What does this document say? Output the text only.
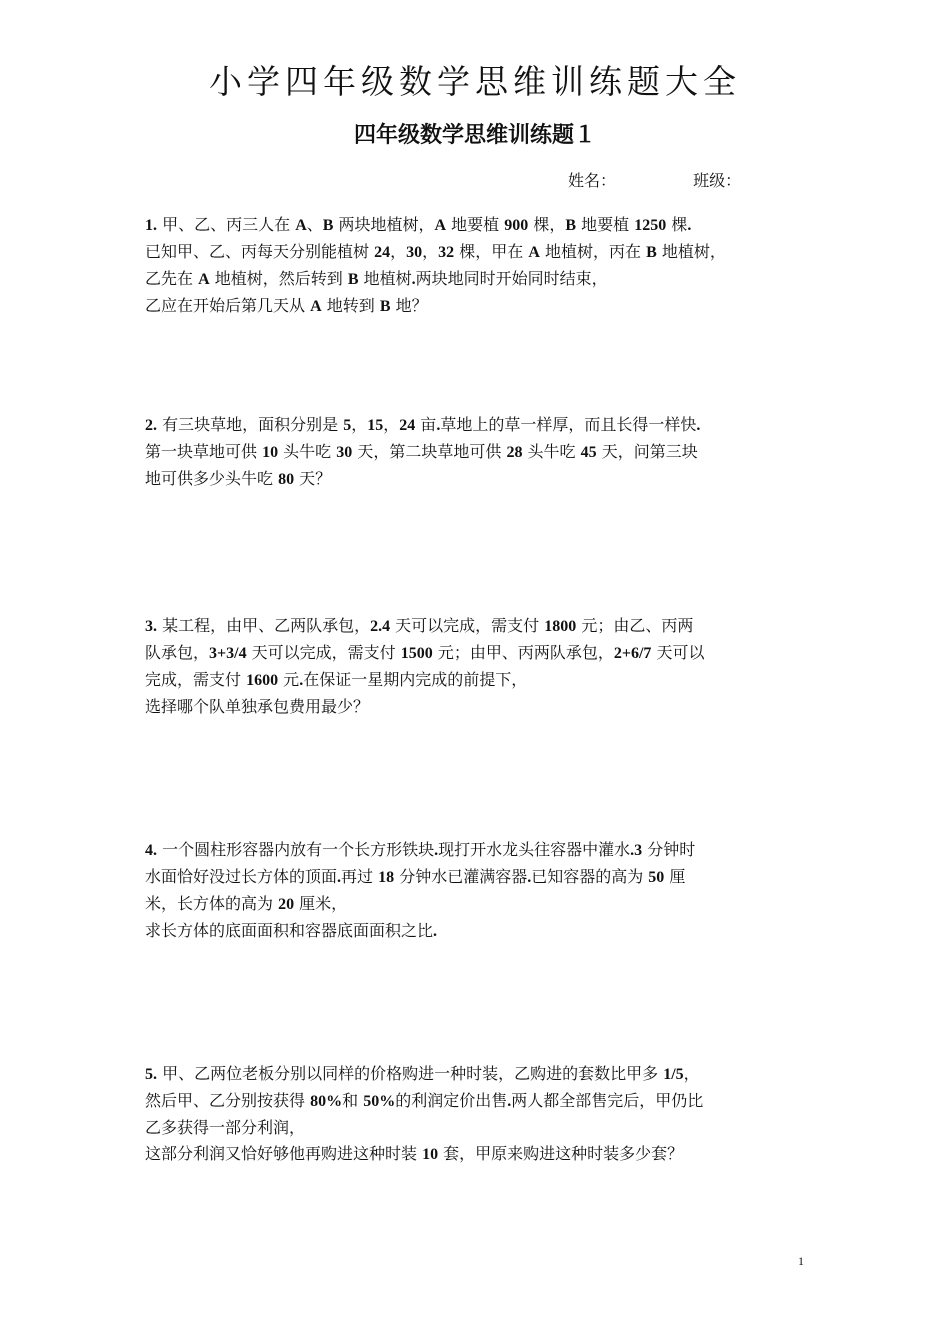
小学四年级数学思维训练题大全
四年级数学思维训练题１
姓名：	班级：

1. 甲、乙、丙三人在 A、B 两块地植树，A 地要植 900 棵，B 地要植 1250 棵.

已知甲、乙、丙每天分别能植树 24，30，32 棵，甲在 A 地植树，丙在 B 地植树，

乙先在 A 地植树，然后转到 B 地植树.两块地同时开始同时结束，

乙应在开始后第几天从 A 地转到 B 地？

2. 有三块草地，面积分别是 5，15，24 亩.草地上的草一样厚，而且长得一样快.

第一块草地可供 10 头牛吃 30 天，第二块草地可供 28 头牛吃 45 天，问第三块

地可供多少头牛吃 80 天？

3. 某工程，由甲、乙两队承包，2.4 天可以完成，需支付 1800 元；由乙、丙两

队承包，3+3/4 天可以完成，需支付 1500 元；由甲、丙两队承包，2+6/7 天可以

完成，需支付 1600 元.在保证一星期内完成的前提下，

选择哪个队单独承包费用最少？

4. 一个圆柱形容器内放有一个长方形铁块.现打开水龙头往容器中灌水.3 分钟时

水面恰好没过长方体的顶面.再过 18 分钟水已灌满容器.已知容器的高为 50 厘

米，长方体的高为 20 厘米，

求长方体的底面面积和容器底面面积之比.

5. 甲、乙两位老板分别以同样的价格购进一种时装，乙购进的套数比甲多 1/5，

然后甲、乙分别按获得 80%和 50%的利润定价出售.两人都全部售完后，甲仍比

乙多获得一部分利润，

这部分利润又恰好够他再购进这种时装 10 套，甲原来购进这种时装多少套？

1
